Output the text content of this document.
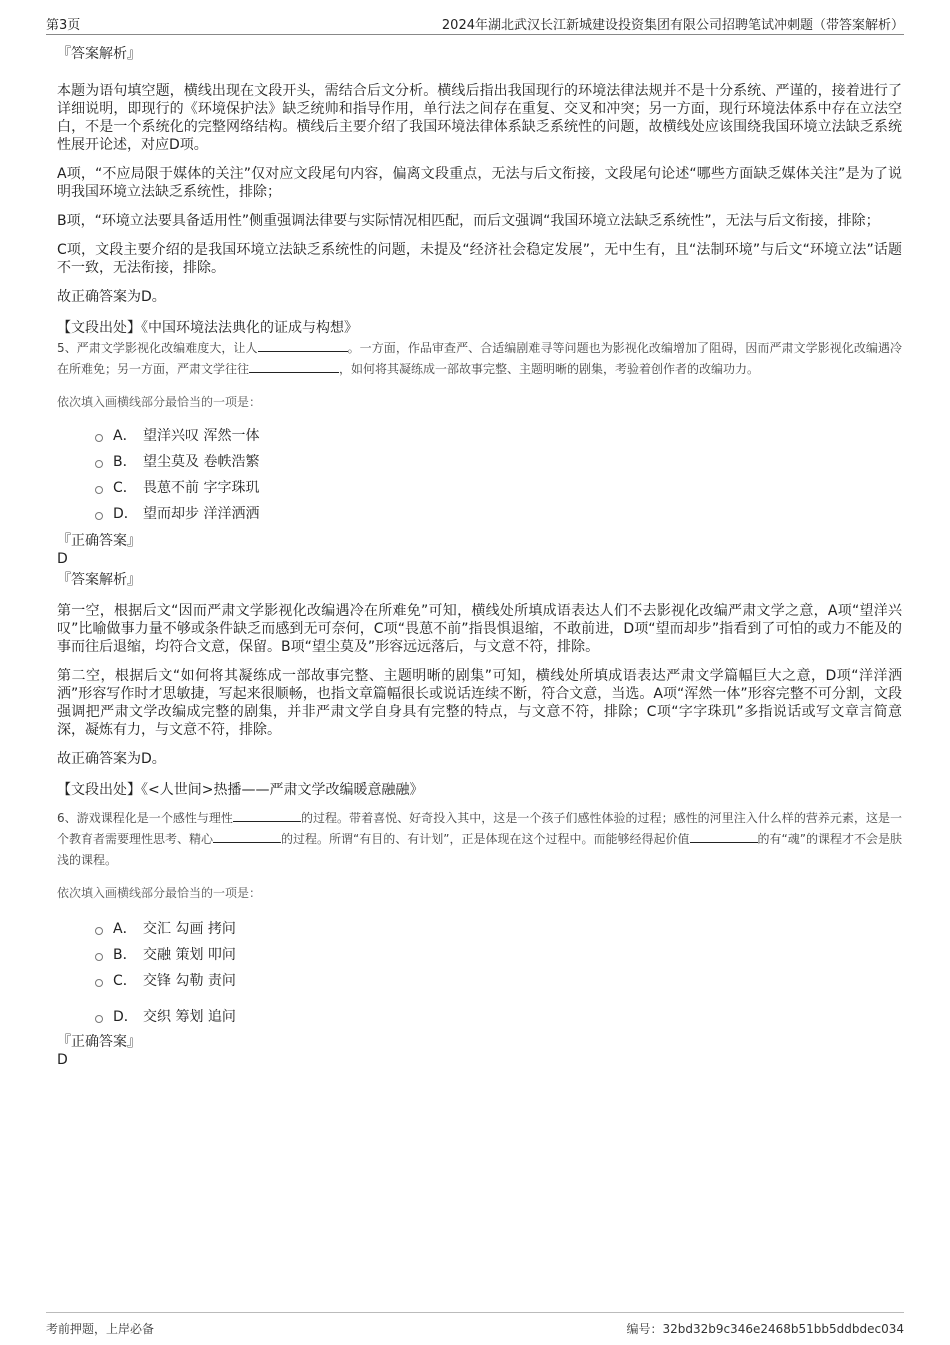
第3页	2024年湖北武汉长江新城建设投资集团有限公司招聘笔试冲刺题（带答案解析）

『答案解析』

本题为语句填空题，横线出现在文段开头，需结合后文分析。横线后指出我国现行的环境法律法规并不是十分系统、严谨的，接着进行了详细说明，即现行的《环境保护法》缺乏统帅和指导作用，单行法之间存在重复、交叉和冲突；另一方面，现行环境法体系中存在立法空白，不是一个系统化的完整网络结构。横线后主要介绍了我国环境法律体系缺乏系统性的问题，故横线处应该围绕我国环境立法缺乏系统性展开论述，对应D项。

A项，“不应局限于媒体的关注”仅对应文段尾句内容，偏离文段重点，无法与后文衔接，文段尾句论述“哪些方面缺乏媒体关注”是为了说明我国环境立法缺乏系统性，排除；

B项，“环境立法要具备适用性”侧重强调法律要与实际情况相匹配，而后文强调“我国环境立法缺乏系统性”，无法与后文衔接，排除；

C项，文段主要介绍的是我国环境立法缺乏系统性的问题，未提及“经济社会稳定发展”，无中生有，且“法制环境”与后文“环境立法”话题不一致，无法衔接，排除。

故正确答案为D。

【文段出处】《中国环境法法典化的证成与构想》

5、严肃文学影视化改编难度大，让人	。一方面，作品审查严、合适编剧难寻等问题也为影视化改编增加了阻碍，因而严肃文学影视化改编遇冷在所难免；另一方面，严肃文学往往	，如何将其凝练成一部故事完整、主题明晰的剧集，考验着创作者的改编功力。

依次填入画横线部分最恰当的一项是：

A． 望洋兴叹 浑然一体
B． 望尘莫及 卷帙浩繁
C． 畏葸不前 字字珠玑
D． 望而却步 洋洋洒洒

『正确答案』

D

『答案解析』

第一空，根据后文“因而严肃文学影视化改编遇冷在所难免”可知，横线处所填成语表达人们不去影视化改编严肃文学之意，A项“望洋兴叹”比喻做事力量不够或条件缺乏而感到无可奈何，C项“畏葸不前”指畏惧退缩，不敢前进，D项“望而却步”指看到了可怕的或力不能及的事而往后退缩，均符合文意，保留。B项“望尘莫及”形容远远落后，与文意不符，排除。

第二空，根据后文“如何将其凝练成一部故事完整、主题明晰的剧集”可知，横线处所填成语表达严肃文学篇幅巨大之意，D项“洋洋洒洒”形容写作时才思敏捷，写起来很顺畅，也指文章篇幅很长或说话连续不断，符合文意，当选。A项“浑然一体”形容完整不可分割，文段强调把严肃文学改编成完整的剧集，并非严肃文学自身具有完整的特点，与文意不符，排除；C项“字字珠玑”多指说话或写文章言简意深，凝炼有力，与文意不符，排除。

故正确答案为D。

【文段出处】《<人世间>热播——严肃文学改编暖意融融》

6、游戏课程化是一个感性与理性	的过程。带着喜悦、好奇投入其中，这是一个孩子们感性体验的过程；感性的河里注入什么样的营养元素，这是一个教育者需要理性思考、精心	的过程。所谓“有目的、有计划”，正是体现在这个过程中。而能够经得起价值	的有“魂”的课程才不会是肤浅的课程。

依次填入画横线部分最恰当的一项是：

A． 交汇 勾画 拷问
B． 交融 策划 叩问
C． 交锋 勾勒 责问
D． 交织 筹划 追问

『正确答案』

D

考前押题，上岸必备	编号：32bd32b9c346e2468b51bb5ddbdec034
